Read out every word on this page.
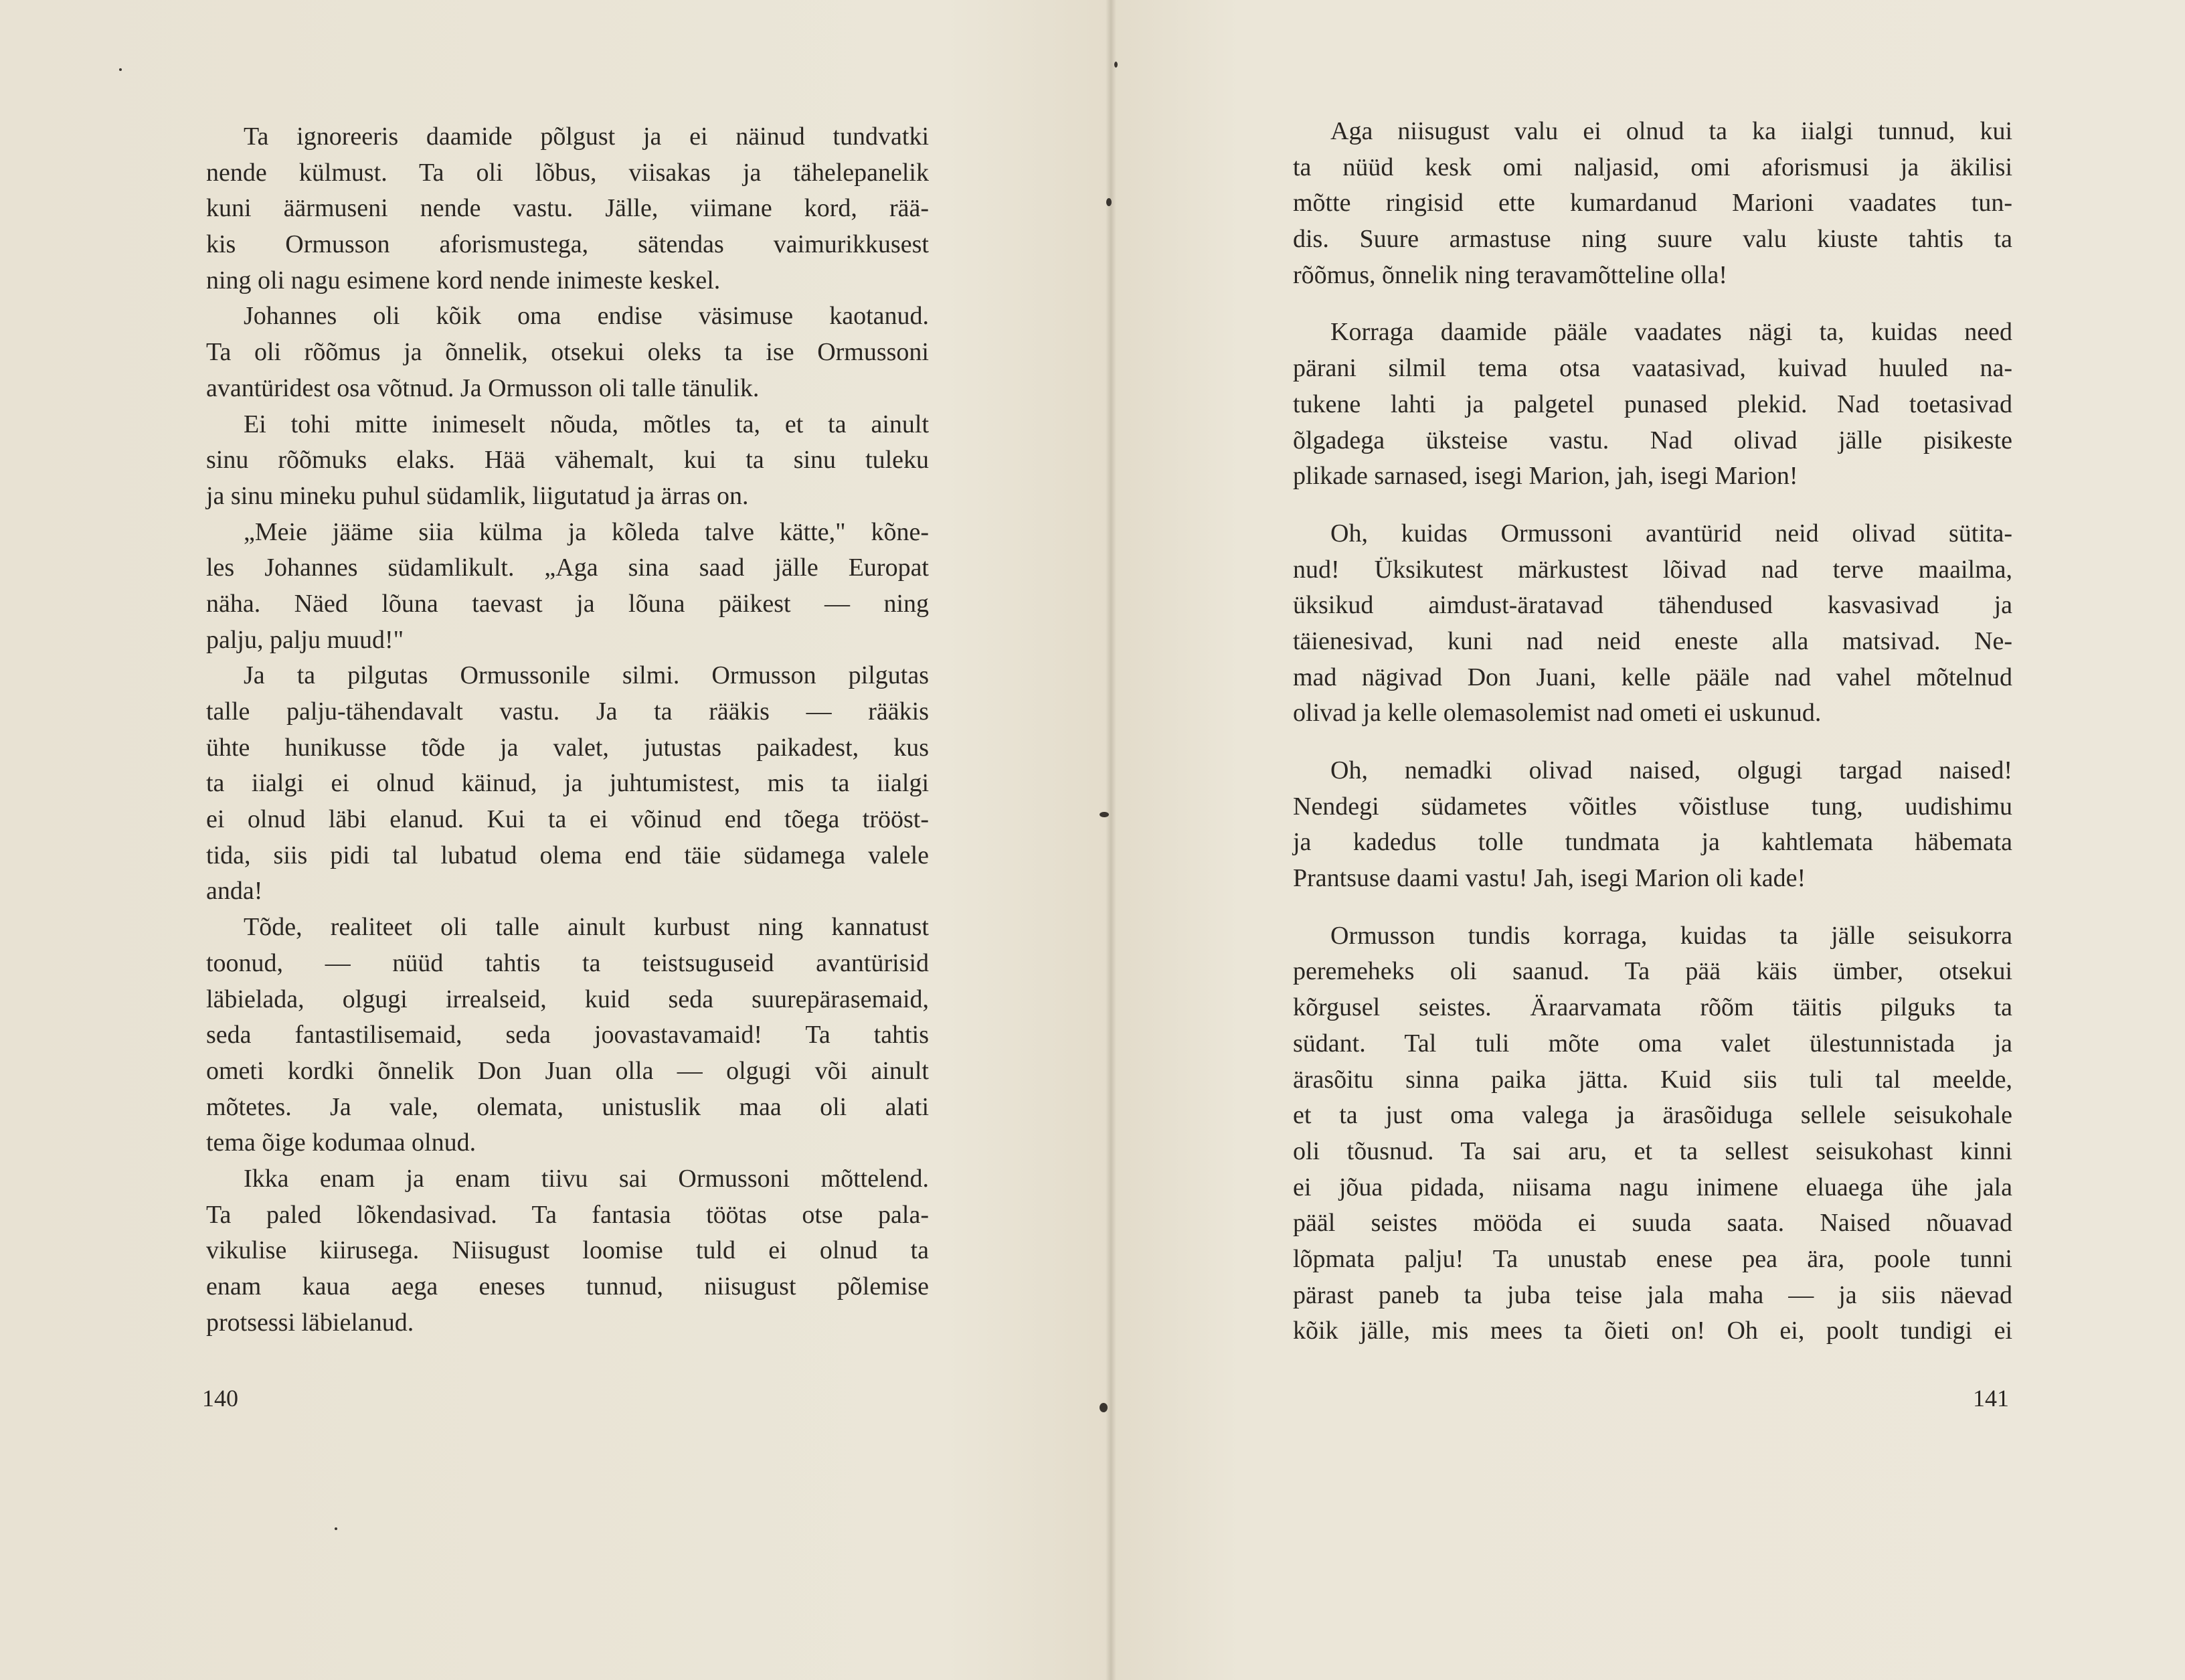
Ta ignoreeris daamide põlgust ja ei näinud tundvatki
nende külmust. Ta oli lõbus, viisakas ja tähelepanelik
kuni äärmuseni nende vastu. Jälle, viimane kord, rää-
kis Ormusson aforismustega, sätendas vaimurikkusest
ning oli nagu esimene kord nende inimeste keskel.
Johannes oli kõik oma endise väsimuse kaotanud.
Ta oli rõõmus ja õnnelik, otsekui oleks ta ise Ormussoni
avantüridest osa võtnud. Ja Ormusson oli talle tänulik.
Ei tohi mitte inimeselt nõuda, mõtles ta, et ta ainult
sinu rõõmuks elaks. Hää vähemalt, kui ta sinu tuleku
ja sinu mineku puhul südamlik, liigutatud ja ärras on.
„Meie jääme siia külma ja kõleda talve kätte," kõne-
les Johannes südamlikult. „Aga sina saad jälle Europat
näha. Näed lõuna taevast ja lõuna päikest — ning
palju, palju muud!"
Ja ta pilgutas Ormussonile silmi. Ormusson pilgutas
talle palju-tähendavalt vastu. Ja ta rääkis — rääkis
ühte hunikusse tõde ja valet, jutustas paikadest, kus
ta iialgi ei olnud käinud, ja juhtumistest, mis ta iialgi
ei olnud läbi elanud. Kui ta ei võinud end tõega trööst-
tida, siis pidi tal lubatud olema end täie südamega valele
anda!
Tõde, realiteet oli talle ainult kurbust ning kannatust
toonud, — nüüd tahtis ta teistsuguseid avantürisid
läbielada, olgugi irrealseid, kuid seda suurepärasemaid,
seda fantastilisemaid, seda joovastavamaid! Ta tahtis
ometi kordki õnnelik Don Juan olla — olgugi või ainult
mõtetes. Ja vale, olemata, unistuslik maa oli alati
tema õige kodumaa olnud.
Ikka enam ja enam tiivu sai Ormussoni mõttelend.
Ta paled lõkendasivad. Ta fantasia töötas otse pala-
vikulise kiirusega. Niisugust loomise tuld ei olnud ta
enam kaua aega eneses tunnud, niisugust põlemise
protsessi läbielanud.
140	141
Aga niisugust valu ei olnud ta ka iialgi tunnud, kui
ta nüüd kesk omi naljasid, omi aforismusi ja äkilisi
mõtte ringisid ette kumardanud Marioni vaadates tun-
dis. Suure armastuse ning suure valu kiuste tahtis ta
rõõmus, õnnelik ning teravamõtteline olla!
Korraga daamide pääle vaadates nägi ta, kuidas need
pärani silmil tema otsa vaatasivad, kuivad huuled na-
tukene lahti ja palgetel punased plekid. Nad toetasivad
õlgadega üksteise vastu. Nad olivad jälle pisikeste
plikade sarnased, isegi Marion, jah, isegi Marion!
Oh, kuidas Ormussoni avantürid neid olivad sütita-
nud! Üksikutest märkustest lõivad nad terve maailma,
üksikud aimdust-äratavad tähendused kasvasivad ja
täienesivad, kuni nad neid eneste alla matsivad. Ne-
mad nägivad Don Juani, kelle pääle nad vahel mõtelnud
olivad ja kelle olemasolemist nad ometi ei uskunud.
Oh, nemadki olivad naised, olgugi targad naised!
Nendegi südametes võitles võistluse tung, uudishimu
ja kadedus tolle tundmata ja kahtlemata häbemata
Prantsuse daami vastu! Jah, isegi Marion oli kade!
Ormusson tundis korraga, kuidas ta jälle seisukorra
peremeheks oli saanud. Ta pää käis ümber, otsekui
kõrgusel seistes. Äraarvamata rõõm täitis pilguks ta
südant. Tal tuli mõte oma valet ülestunnistada ja
ärasõitu sinna paika jätta. Kuid siis tuli tal meelde,
et ta just oma valega ja ärasõiduga sellele seisukohale
oli tõusnud. Ta sai aru, et ta sellest seisukohast kinni
ei jõua pidada, niisama nagu inimene eluaega ühe jala
pääl seistes mööda ei suuda saata. Naised nõuavad
lõpmata palju! Ta unustab enese pea ära, poole tunni
pärast paneb ta juba teise jala maha — ja siis näevad
kõik jälle, mis mees ta õieti on! Oh ei, poolt tundigi ei
